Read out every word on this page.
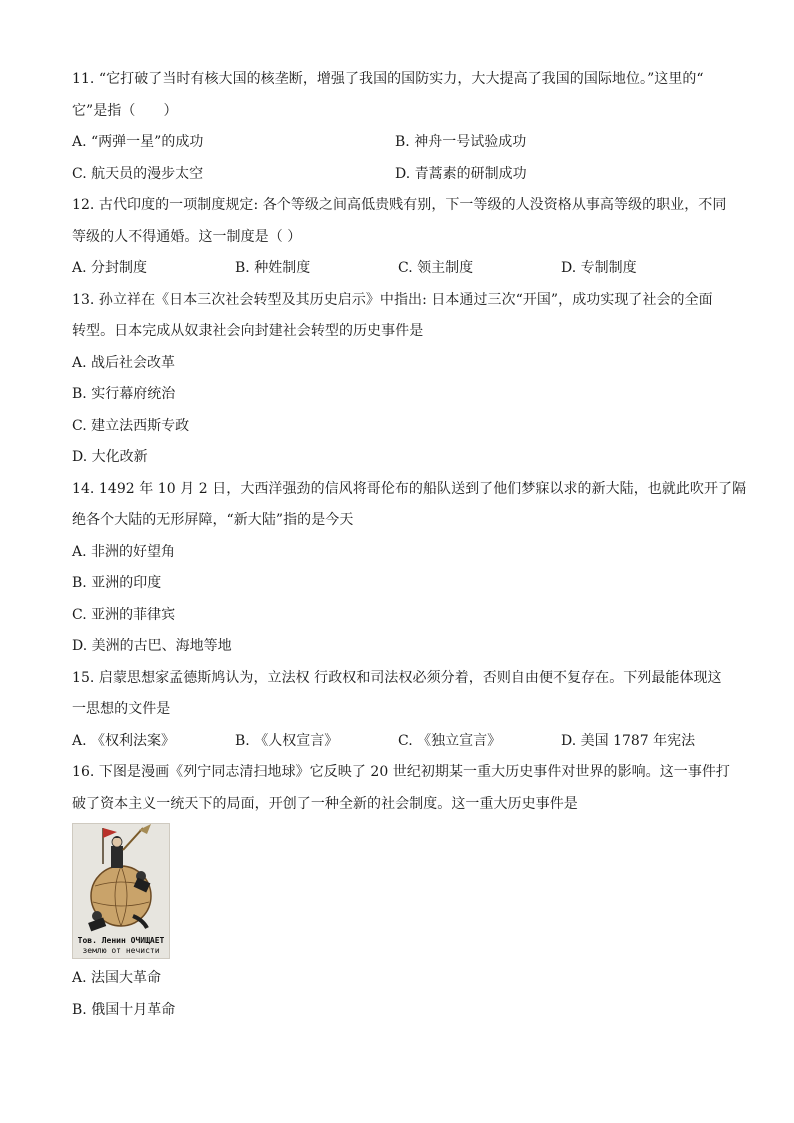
11. “它打破了当时有核大国的核垄断，增强了我国的国防实力，大大提高了我国的国际地位。”这里的“
它”是指（　　）
A. “两弹一星”的成功	B. 神舟一号试验成功
C. 航天员的漫步太空	D. 青蒿素的研制成功
12. 古代印度的一项制度规定: 各个等级之间高低贵贱有别，下一等级的人没资格从事高等级的职业，不同
等级的人不得通婚。这一制度是（ ）
A. 分封制度	B. 种姓制度	C. 领主制度	D. 专制制度
13. 孙立祥在《日本三次社会转型及其历史启示》中指出: 日本通过三次“开国”，成功实现了社会的全面
转型。日本完成从奴隶社会向封建社会转型的历史事件是
A. 战后社会改革
B. 实行幕府统治
C. 建立法西斯专政
D. 大化改新
14. 1492 年 10 月 2 日，大西洋强劲的信风将哥伦布的船队送到了他们梦寐以求的新大陆，也就此吹开了隔
绝各个大陆的无形屏障，“新大陆”指的是今天
A. 非洲的好望角
B. 亚洲的印度
C. 亚洲的菲律宾
D. 美洲的古巴、海地等地
15. 启蒙思想家孟德斯鸠认为，立法权 行政权和司法权必须分着，否则自由便不复存在。下列最能体现这
一思想的文件是
A. 《权利法案》	B. 《人权宣言》	C. 《独立宣言》	D. 美国 1787 年宪法
16. 下图是漫画《列宁同志清扫地球》它反映了 20 世纪初期某一重大历史事件对世界的影响。这一事件打
破了资本主义一统天下的局面，开创了一种全新的社会制度。这一重大历史事件是
Тов. Ленин ОЧИЩАЕТ
землю от нечисти
A. 法国大革命
B. 俄国十月革命
